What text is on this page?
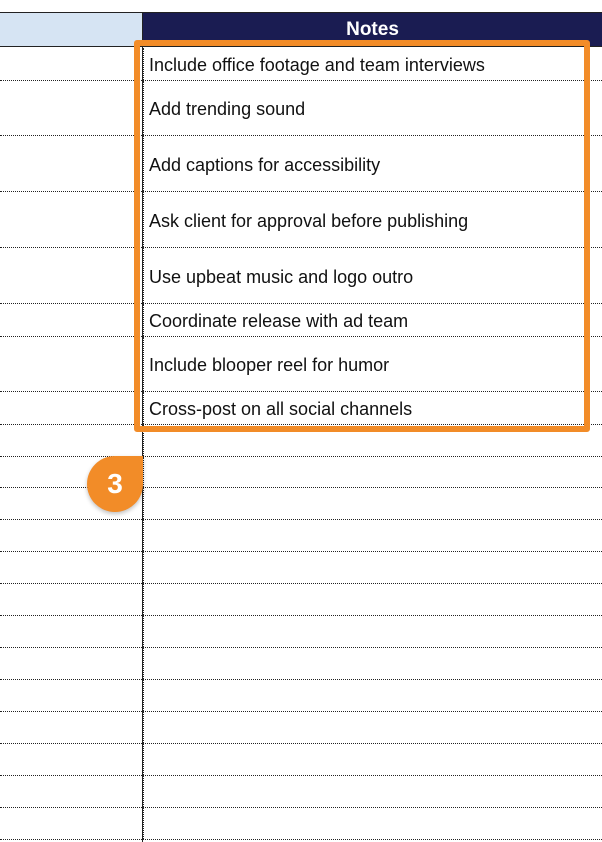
Notes
Include office footage and team interviews
Add trending sound
Add captions for accessibility
Ask client for approval before publishing
Use upbeat music and logo outro
Coordinate release with ad team
Include blooper reel for humor
Cross-post on all social channels
3
